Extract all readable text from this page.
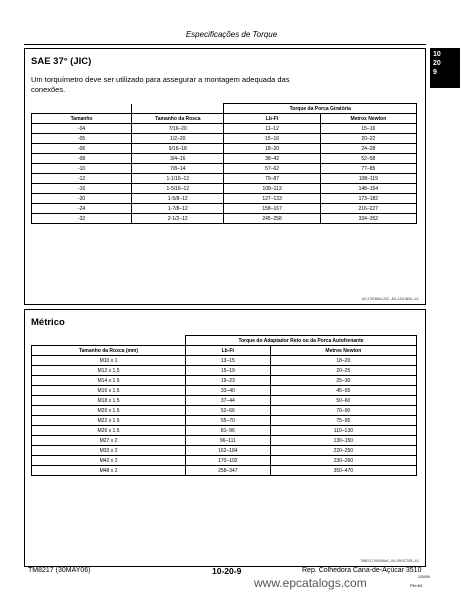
Especificações de Torque
10
20
9
SAE 37° (JIC)
Um torquímetro deve ser utilizado para assegurar a montagem adequada das conexões.
		Torque da Porca Giratória	
Tamanho	Tamanho da Rosca	Lb-Ft	Metros Newton
-04	7/16–20	11–12	15–16
-05	1/2–20	15–16	20–22
-06	9/16–18	18–20	24–28
-08	3/4–16	38–42	52–58
-10	7/8–14	57–62	77–85
-12	1-1/16–12	79–87	108–119
-16	1-5/16–12	108–113	148–154
-20	1-5/8–12	127–133	173–182
-24	1-7/8–12	158–167	216–227
-32	2-1/2–12	245–258	334–352
AG,TX03564,242 –54–13JUN00–1/1
Métrico
	Torque do Adaptador Reto ou da Porca Autofrenante	
Tamanho da Rosca (mm)	Lb-Ft	Metros Newton
M10 x 1	13–15	18–20
M12 x 1,5	15–19	20–25
M14 x 1.5	19–23	25–30
M16 x 1.5	33–40	45–55
M18 x 1.5	37–44	50–60
M20 x 1.5	52–66	70–90
M22 x 1.5	55–70	75–95
M26 x 1.5	81–96	110–130
M27 x 2	96–111	130–150
M33 x 2	162–184	220–250
M42 x 2	170–192	230–260
M48 x 2	258–347	350–470
TM8217,00009AA –54–05OCT05–1/1
TM8217 (30MAY06)	10-20-9	Rep. Colhedora Cana-de-Açúcar 3510
103006
PN=63
www.epcatalogs.com
